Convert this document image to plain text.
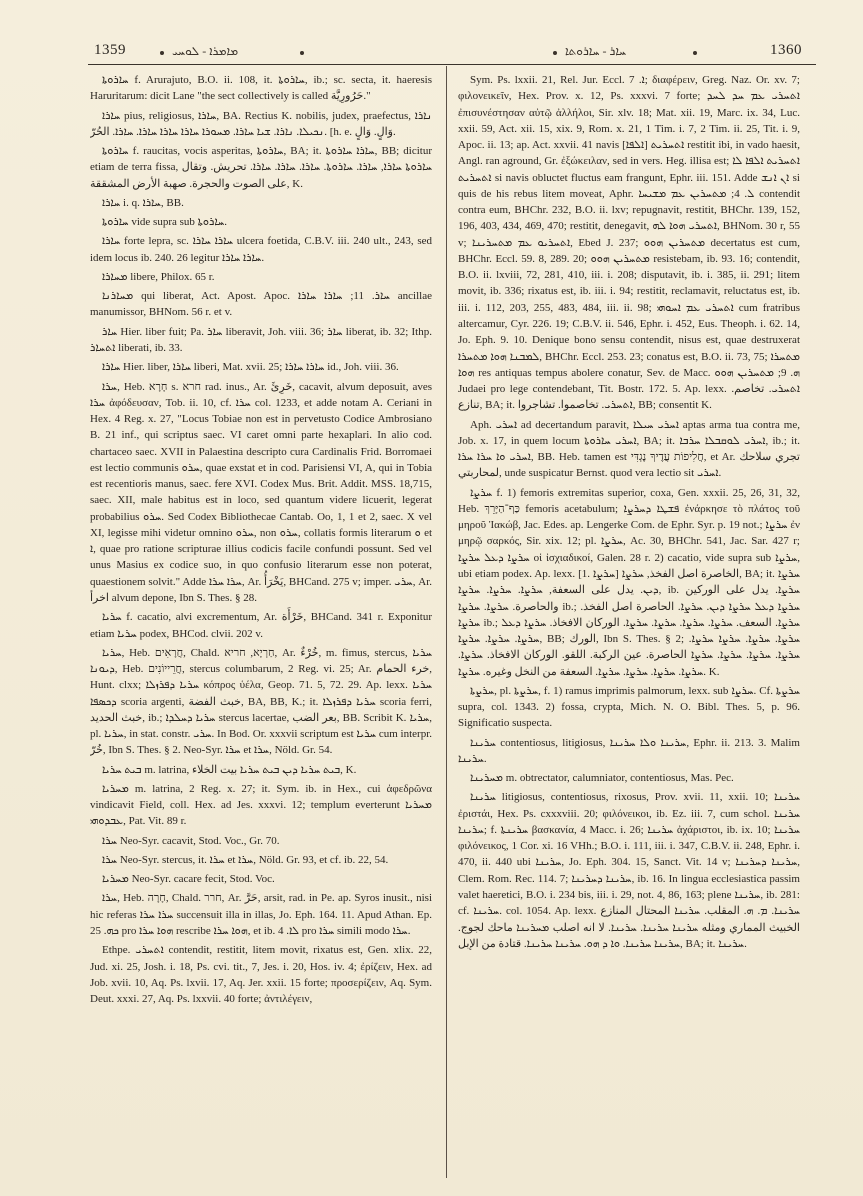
1359	ܡܐܡܪܐ - ܠܘܚܝ	ܚܐܪ - ܚܐܪܘܬܐ	1360

ܚܐܪܘܬܐ f. Arurajuto, B.O. ii. 108, it. ܚܐܪܘܬܐ, ib.; sc. secta, it. haeresis Haruritarum: dicit Lane "the sect collectively is called حَرُورِيَّة."

ܚܐܪܐ pius, religiosus, ܚܐܪܐ, BA. Rectius K. nobilis, judex, praefectus, ܢܐܪܐ ܢܟܝܠܐ. ܢܐܪܐ. ܫܝܐ ܚܐܪܐ. ܡܚܘܪܐ ܚܐܪܐ ܚܐܪܐ ܚܐܪܐ. ܚܐܪܐ. الحُرّ. [h. e. وَالٍ. وَالٍ.

ܚܐܪܘܬܐ f. raucitas, vocis asperitas, ܚܐܪܘܬܐ, BA; it. ܚܐܪܐ ܚܐܪܘܬܐ, BB; dicitur etiam de terra fissa, ܚܐܪܘܬܐ ܚܐܪܐ, ܚܐܪܐ. ܚܐܪܘܬܐ. ܚܐܪܐ. ܚܐܪܐ. ܚܐܪܐ. تحريش. وتقال على الصوت والحجرة. صهبة الأرض المشققة, K.

ܚܐܪܐ i. q. ܚܐܪܐ, BB.

ܚܐܪܘܬܐ vide supra sub ܚܐܪܘܬܐ.

ܚܐܪܐ forte lepra, sc. ܚܐܪܐ ܚܐܪܐ ulcera foetida, C.B.V. iii. 240 ult., 243, sed idem locus ib. 240. 26 legitur ܚܐܪܐ ܚܐܪܐ.

ܡܚܐܪܐ libere, Philox. 65 r.

ܡܚܐܪܢܐ qui liberat, Act. Apost. Apoc. ܚܐܪ. 11; ܚܐܪܐ ܚܐܪܐ ancillae manumissor, BHNom. 56 r. et v.

ܚܐܪ Hier. liber fuit; Pa. ܚܐܪ liberavit, Joh. viii. 36; ܚܐܪ liberat, ib. 32; Ithp. ܐܬܚܐܪ liberati, ib. 33.

ܚܐܪܐ Hier. liber, ܚܐܪܐ liberi, Mat. xvii. 25; ܚܐܪܐ ܚܐܪܐ id., Joh. viii. 36.

ܚܪܐ, Heb. חָרָא s. חרא rad. inus., Ar. خَرِئَ, cacavit, alvum deposuit, aves ܚܪܐ ἀφόδευσαν, Tob. ii. 10, cf. ܚܪܐ col. 1233, et adde notam A. Ceriani in Hex. 4 Reg. x. 27, "Locus Tobiae non est in pervetusto Codice Ambrosiano B. 21 inf., qui scriptus saec. VI caret omni parte hexaplari. In alio cod. chartaceo saec. XVII in Palaestina descripto cura Cardinalis Frid. Borromaei est lectio communis ܚܪܘ, quae exstat et in cod. Parisiensi VI, A, qui in Tobia est recentioris manus, saec. fere XVI. Codex Mus. Brit. Addit. MSS. 18,715, saec. XII, male habitus est in loco, sed quantum videre licuerit, legerat probabilius ܚܪܘ. Sed Codex Bibliothecae Cantab. Oo, 1, 1 et 2, saec. X vel XI, legisse mihi videtur omnino ܚܪܘ, non ܚܪܘ, collatis formis literarum ܘ et ܐ, quae pro ratione scripturae illius codicis facile confundi possunt. Sed vel unus Masius ex codice suo, in quo confusio literarum esse non poterat, quaestionem solvit." Adde ܚܪܐ ܚܪܐ, Ar. يَخْرَأُ, BHCand. 275 v; imper. ܚܪܝ, Ar. اخرأ alvum depone, Ibn S. Thes. § 28.

ܚܪܝܐ f. cacatio, alvi excrementum, Ar. خَرْأَة, BHCand. 341 r. Exponitur etiam ܚܪܝܐ podex, BHCod. clvii. 202 v.

ܚܪܝܐ, Heb. חֲרָאִים, Chald. חַרְיָא, חריא, Ar. خُرْءٌ, m. fimus, stercus, ܚܪܝܐ ܕܝܘܢܐ, Heb. חֲרֵייוֹנִים, stercus columbarum, 2 Reg. vi. 25; Ar. خرء الحمام, Hunt. clxx; ܚܪܝܐ ܕܦܪܙܠܐ κόπρος ὑέλα, Geop. 71. 5, 72. 29. Ap. lexx. ܚܪܝܐ ܕܟܣܦܐ scoria argenti, خبث الفضة, BA, BB, K.; it. ܚܪܝܐ ܕܦܪܙܠܐ scoria ferri, خبث الحديد, ib.; ܚܪܝܐ ܕܚܠܕܐ stercus lacertae, بعر الضب, BB. Scribit K. ܚܪܝܐ, pl. ܚܪܝܐ, in stat. constr. ܚܪܝ. In Bod. Or. xxxvii scriptum est ܚܪܝܐ cum interpr. خُرّ, Ibn S. Thes. § 2. Neo-Syr. ܚܪܐ et ܚܪܐ, Nöld. Gr. 54.

ܒܝܬ ܚܪܝܐ m. latrina, ܒܝܬ ܚܪܝܐ ܕܝܢ ܒܝܬ ܚܪܝܐ بيت الخلاء, K.

ܡܚܪܝܐ m. latrina, 2 Reg. x. 27; it. Sym. ib. in Hex., cui ἀφεδρῶνα vindicavit Field, coll. Hex. ad Jes. xxxvi. 12; templum everterunt ܡܚܪܝܐ ܥܒܕܘܗܝ, Pat. Vit. 89 r.

ܚܪܐ Neo-Syr. cacavit, Stod. Voc., Gr. 70.

ܚܪܐ Neo-Syr. stercus, it. ܚܪܐ et ܚܪܐ, Nöld. Gr. 93, et cf. ib. 22, 54.

ܡܚܪܝܐ Neo-Syr. cacare fecit, Stod. Voc.

ܚܪܐ, Heb. חָרָה, Chald. חרר, Ar. حَرَّ, arsit, rad. in Pe. ap. Syros inusit., nisi hic referas ܚܪܐ ܚܪܐ succensuit illa in illas, Jo. Eph. 164. 11. Apud Athan. Ep. ܟܗ. 25 pro ܗܘܐ ܚܪܐ rescribe ܗܘܐ ܚܪܐ, et ib. ܠܐ. 4 pro ܚܪܐ simili modo ܚܪܐ.

Ethpe. ܐܬܚܪܝ contendit, restitit, litem movit, rixatus est, Gen. xlix. 22, Jud. xi. 25, Josh. i. 18, Ps. cvi. tit., 7, Jes. i. 20, Hos. iv. 4; ἐρίζειν, Hex. ad Job. xvii. 10, Aq. Ps. lxvii. 17, Aq. Jer. xxii. 15 forte; προσερίζειν, Aq. Sym. Deut. xxxi. 27, Aq. Ps. lxxvii. 40 forte; ἀντιλέγειν,

Sym. Ps. lxxii. 21, Rel. Jur. Eccl. ܐ. 7; διαφέρειν, Greg. Naz. Or. xv. 7; φιλονεικεῖν, Hex. Prov. x. 12, Ps. xxxvi. 7 forte; ܐܬܚܪܝ ܥܡ ܚܕ ܠܚܕ ἐπισυνέστησαν αὐτῷ ἀλλήλοι, Sir. xlv. 18; Mat. xii. 19, Marc. ix. 34, Luc. xxii. 59, Act. xii. 15, xix. 9, Rom. x. 21, 1 Tim. i. 7, 2 Tim. ii. 25, Tit. i. 9, Apoc. ii. 13; ap. Act. xxvii. 41 navis [ܐܠܦܐ] ܐܬܚܪܝܬ restitit ibi, in vado haesit, Angl. ran aground, Gr. ἐξώκειλαν, sed in vers. Heg. illisa est; ܐܬܚܪܝܬ ܐܠܦܐ ܠܐ ܐܬܚܪܝܬ si navis obluctet fluctus eam frangunt, Ephr. iii. 151. Adde ܐܢ ܐܢܫ si quis de his rebus litem moveat, Aphr. ܠ. 4; ܡܬܚܪܝܢ ܥܡ ܡܫܝܚܐ contendit contra eum, BHChr. 232, B.O. ii. lxv; repugnavit, restitit, BHChr. 139, 152, 196, 403, 434, 469, 470; restitit, denegavit, ܐܬܚܪܝ ܗܘܐ ܠܗ, BHNom. 30 r, 55 v; ܐܬܚܪܝܘ ܥܡ ܡܬܚܪܝܢܐ, Ebed J. 237; ܡܬܚܪܝܢ ܗܘܘ decertatus est cum, BHChr. Eccl. 59. 8, 289. 20; ܡܬܚܪܝܢ ܗܘܘ resistebam, ib. 93. 16; contendit, B.O. ii. lxviii, 72, 281, 410, iii. i. 208; disputavit, ib. i. 385, ii. 291; litem movit, ib. 336; rixatus est, ib. iii. i. 94; restitit, reclamavit, reluctatus est, ib. iii. i. 112, 203, 255, 483, 484, iii. ii. 98; ܐܬܚܪܝ ܥܡ ܐܚܘܗܝ cum fratribus altercamur, Cyr. 226. 19; C.B.V. ii. 546, Ephr. i. 452, Eus. Theoph. i. 62. 14, Jo. Eph. 9. 10. Denique bono sensu contendit, nisus est, quae destruxerat ܠܡܒܢܐ ܗܘܐ ܡܬܚܪܐ, BHChr. Eccl. 253. 23; conatus est, B.O. ii. 73, 75; ܡܬܚܪܐ ܗܘܐ res antiquas tempus abolere conatur, Sev. de Macc. ܗ. 9; ܡܬܚܪܝܢ ܗܘܘ Judaei pro lege contendebant, Tit. Bostr. 172. 5. Ap. lexx. ܐܬܚܪܝ. تخاصم. تنازع, BA; it. ܐܬܚܪܝ. تخاصموا. تشاجروا, BB; consentit K.

Aph. ܐܚܪܝ ad decertandum paravit, ܐܚܪܝ ܚܝܠܐ aptas arma tua contra me, Job. x. 17, in quem locum ܐܚܪܝ ܚܐܪܘܬܐ, BA; it. ܐܚܪܝ ܠܘܩܒܠܐ ܚܪܒܐ, ib.; it. ܐܚܪܝ ܘܐ ܚܪܐ ܚܪܐ, BB. Heb. tamen est חֲלִיפוֹת עֲדֶיךָ נֶגְדִּי, et Ar. تجري سلاحك لمحاربتي, unde suspicatur Bernst. quod vera lectio sit ܐܚܪܝ.

ܚܪܨܐ f. 1) femoris extremitas superior, coxa, Gen. xxxii. 25, 26, 31, 32, Heb. כַּף־הַיָּרֵךְ femoris acetabulum; ܦܫܛܐ ܕܚܪܨܐ ἐνάρκησε τὸ πλάτος τοῦ μηροῦ Ἰακώβ, Jac. Edes. ap. Lengerke Com. de Ephr. Syr. p. 19 not.; ܚܪܨܐ ἐν μηρῷ σαρκός, Sir. xix. 12; pl. ܚܪܨܐ, Ac. 30, BHChr. 541, Jac. Sar. 427 r; ܚܪܨܐ ܕܥܠ ܚܪܨܐ οἱ ἰσχιαδικοί, Galen. 28 r. 2) cacatio, vide supra sub ܚܪܨܐ, ubi etiam podex. Ap. lexx. [1. ܚܪܨܐ] الخاصرة اصل الفخذ, ܚܪܨܐ, BA; it. ܚܪܨܐ ܕܝܢ. يدل على السعفة, ܚܪܨܐ. ܚܪܨܐ. ܚܪܨܐ, ib. ܚܪܨܐ. يدل على الوركين والحاصرة. ܚܪܨܐ. ܚܪܨܐ ib.; ܚܪܨܐ ܕܥܠ ܚܪܨܐ ܕܝܢ. ܚܪܨܐ. الحاصرة اصل الفخذ. ܚܪܨܐ ib.; ܚܪܨܐ. السعف. ܚܪܨܐ. ܚܪܨܐ. ܚܪܨܐ. ܚܪܨܐ. الوركان الافخاذ. ܚܪܨܐ ܕܥܠ ܚܪܨܐ. ܚܪܨܐ. ܚܪܨܐ, BB; الورك, Ibn S. Thes. § 2; ܚܪܨܐ. ܚܪܨܐ. ܚܪܨܐ ܚܪܨܐ. ܚܪܨܐ. ܚܪܨܐ. ܚܪܨܐ. ܚܪܨܐ الحاصرة. عين الركبة. اللقو. الوركان الافخاذ. ܚܪܨܐ. ܚܪܨܐ. ܚܪܨܐ. ܚܪܨܐ. ܚܪܨܐ. السعفة من النخل وغيره. ܚܪܨܐ. K.

ܚܪܨܬܐ, pl. ܚܪܨܬܐ, f. 1) ramus imprimis palmorum, lexx. sub ܚܪܨܐ. Cf. ܚܪܨܬܐ supra, col. 1343. 2) fossa, crypta, Mich. N. O. Bibl. Thes. 5, p. 96. Significatio suspecta.

ܚܪܝܢܐ contentiosus, litigiosus, ܚܪܝܢܐ ܘܠܐ ܚܪܝܢܐ, Ephr. ii. 213. 3. Malim ܚܪܝܢܐ.

ܡܚܪܝܢܐ m. obtrectator, calumniator, contentiosus, Mas. Pec.

ܚܪܝܢܐ litigiosus, contentiosus, rixosus, Prov. xvii. 11, xxii. 10; ܚܪܝܢܐ ἐριστάι, Hex. Ps. cxxxviii. 20; φιλόνεικοι, ib. Ez. iii. 7, cum schol. ܚܪܝܢܐ ܚܪܝܢܐ; f. ܚܪܝܢܬܐ βασκανία, 4 Macc. i. 26; ܚܪܝܢܐ ἀχάριστοι, ib. ix. 10; ܚܪܝܢܐ φιλόνεικος, 1 Cor. xi. 16 VHh.; B.O. i. 111, iii. i. 347, C.B.V. ii. 248, Ephr. i. 470, ii. 440 ubi ܚܪܝܢܐ, Jo. Eph. 304. 15, Sanct. Vit. 14 v; ܚܪܝܢܐ ܕܚܪܝܢܐ, Clem. Rom. Rec. 114. 7; ܚܪܝܢܐ ܕܚܪܝܢܐ, ib. 16. In lingua ecclesiastica passim valet haeretici, B.O. i. 234 bis, iii. i. 29, not. 4, 86, 163; plene ܚܪܝܢܐ, ib. 281: cf. ܚܪܝܢܐ. col. 1054. Ap. lexx. ܚܪܝܢܐ. ܡ. ܗ. المقلب. ܚܪܝܢܐ المحتال المنازع الخبيث المماري ومثله ܚܪܝܢܐ ܚܪܝܢܐ. ܚܪܝܢܐ. لا انه اصلب ܡܚܪܝܢܐ ماحك لجوج. ܚܪܝܢܐ ܚܪܝܢܐ. ܘܐ ܕ ܗܘ. ܚܪܝܢܐ ܚܪܝܢܐ. قتادة من الإبل, BA; it. ܚܪܝܢܐ.
